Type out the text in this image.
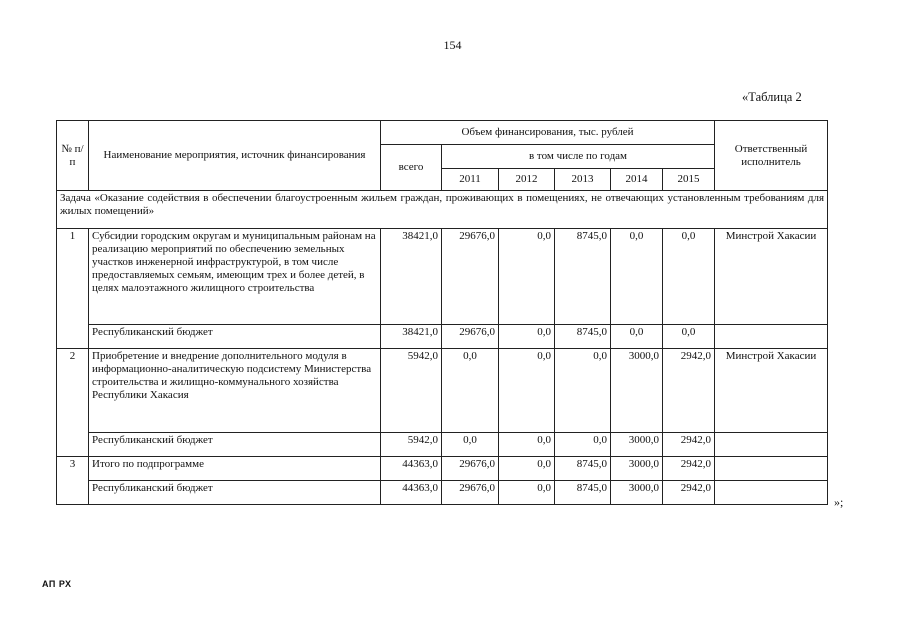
154
«Таблица 2
№ п/п	Наименование мероприятия, источник финансирования	Объем финансирования, тыс. рублей						Ответственный исполнитель
		всего	в том числе по годам					
			2011	2012	2013	2014	2015	
Задача «Оказание содействия в обеспечении благоустроенным жильем граждан, проживающих в помещениях, не отвечающих установленным требованиям для жилых помещений»								
1	Субсидии городским округам и муниципальным районам на реализацию мероприятий по обеспечению земельных участков инженерной инфраструктурой, в том числе предоставляемых семьям, имеющим трех и более детей, в целях малоэтажного жилищного строительства	38421,0	29676,0	0,0	8745,0	0,0	0,0	Минстрой Хакасии
	Республиканский бюджет	38421,0	29676,0	0,0	8745,0	0,0	0,0	
2	Приобретение и внедрение дополнительного модуля в информационно-аналитическую подсистему Министерства строительства и жилищно-коммунального хозяйства Республики Хакасия	5942,0	0,0	0,0	0,0	3000,0	2942,0	Минстрой Хакасии
	Республиканский бюджет	5942,0	0,0	0,0	0,0	3000,0	2942,0	
3	Итого по подпрограмме	44363,0	29676,0	0,0	8745,0	3000,0	2942,0	
	Республиканский бюджет	44363,0	29676,0	0,0	8745,0	3000,0	2942,0	
»;
АП РХ
